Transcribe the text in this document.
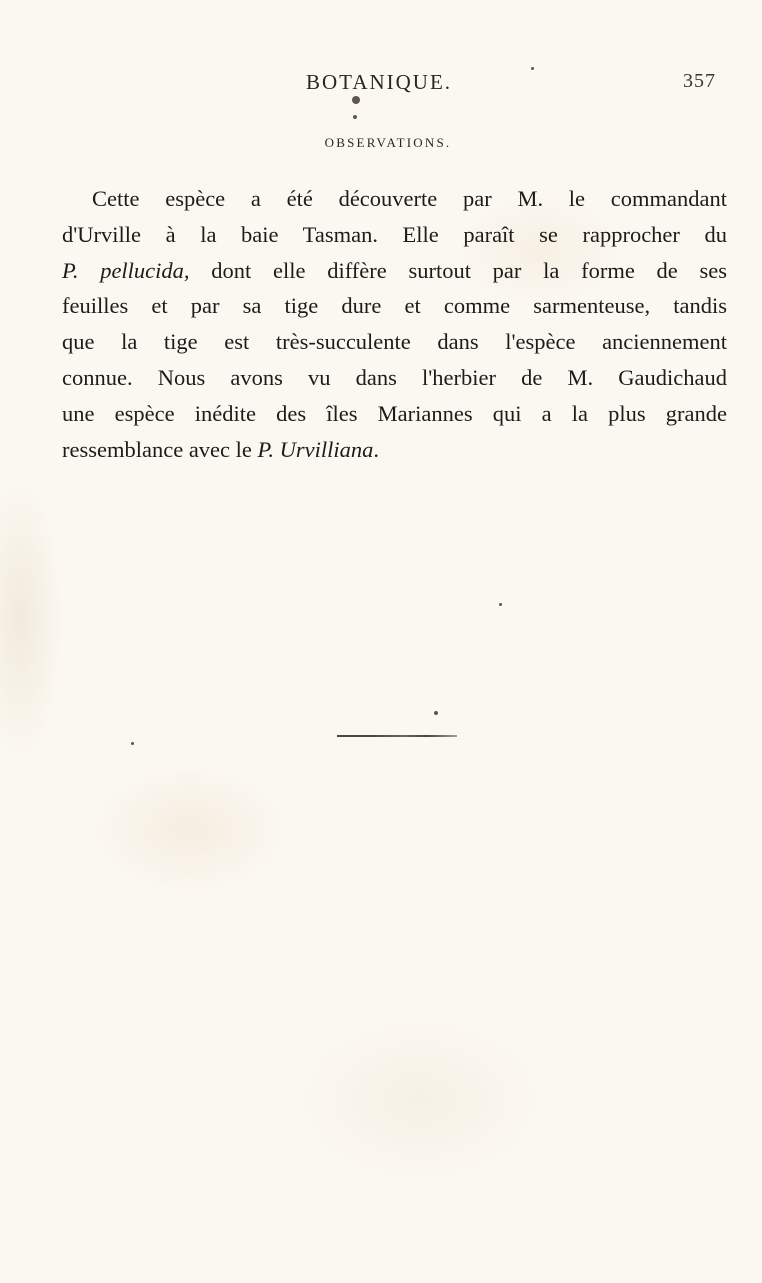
BOTANIQUE.	357
OBSERVATIONS.
Cette espèce a été découverte par M. le commandant
d'Urville à la baie Tasman. Elle paraît se rapprocher du
P. pellucida, dont elle diffère surtout par la forme de ses
feuilles et par sa tige dure et comme sarmenteuse, tandis
que la tige est très-succulente dans l'espèce anciennement
connue. Nous avons vu dans l'herbier de M. Gaudichaud
une espèce inédite des îles Mariannes qui a la plus grande
ressemblance avec le P. Urvilliana.
